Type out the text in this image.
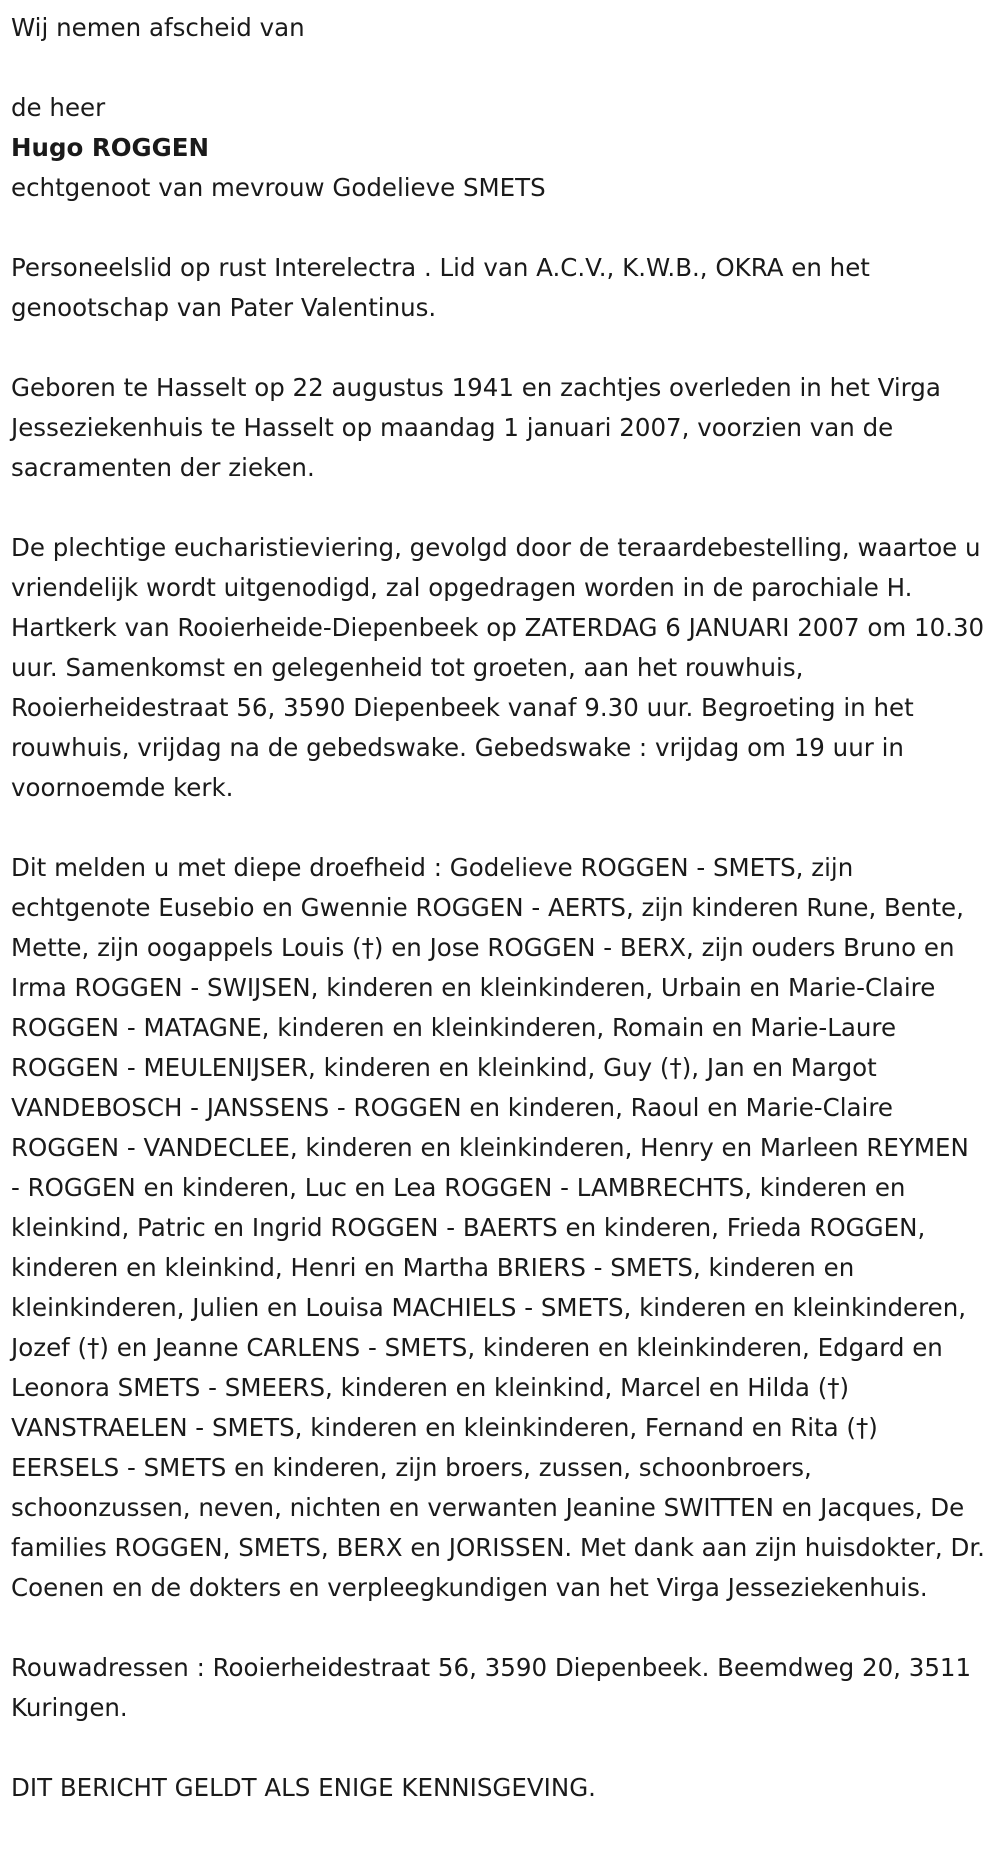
Wij nemen afscheid van

de heer

Hugo ROGGEN

echtgenoot van mevrouw Godelieve SMETS

Personeelslid op rust Interelectra . Lid van A.C.V., K.W.B., OKRA en het genootschap van Pater Valentinus.

Geboren te Hasselt op 22 augustus 1941 en zachtjes overleden in het Virga Jesseziekenhuis te Hasselt op maandag 1 januari 2007, voorzien van de sacramenten der zieken.

De plechtige eucharistieviering, gevolgd door de teraardebestelling, waartoe u vriendelijk wordt uitgenodigd, zal opgedragen worden in de parochiale H. Hartkerk van Rooierheide-Diepenbeek op ZATERDAG 6 JANUARI 2007 om 10.30 uur. Samenkomst en gelegenheid tot groeten, aan het rouwhuis, Rooierheidestraat 56, 3590 Diepenbeek vanaf 9.30 uur. Begroeting in het rouwhuis, vrijdag na de gebedswake. Gebedswake : vrijdag om 19 uur in voornoemde kerk.

Dit melden u met diepe droefheid : Godelieve ROGGEN - SMETS, zijn echtgenote Eusebio en Gwennie ROGGEN - AERTS, zijn kinderen Rune, Bente, Mette, zijn oogappels Louis (†) en Jose ROGGEN - BERX, zijn ouders Bruno en Irma ROGGEN - SWIJSEN, kinderen en kleinkinderen, Urbain en Marie-Claire ROGGEN - MATAGNE, kinderen en kleinkinderen, Romain en Marie-Laure ROGGEN - MEULENIJSER, kinderen en kleinkind, Guy (†), Jan en Margot VANDEBOSCH - JANSSENS - ROGGEN en kinderen, Raoul en Marie-Claire ROGGEN - VANDECLEE, kinderen en kleinkinderen, Henry en Marleen REYMEN - ROGGEN en kinderen, Luc en Lea ROGGEN - LAMBRECHTS, kinderen en kleinkind, Patric en Ingrid ROGGEN - BAERTS en kinderen, Frieda ROGGEN, kinderen en kleinkind, Henri en Martha BRIERS - SMETS, kinderen en kleinkinderen, Julien en Louisa MACHIELS - SMETS, kinderen en kleinkinderen, Jozef (†) en Jeanne CARLENS - SMETS, kinderen en kleinkinderen, Edgard en Leonora SMETS - SMEERS, kinderen en kleinkind, Marcel en Hilda (†) VANSTRAELEN - SMETS, kinderen en kleinkinderen, Fernand en Rita (†) EERSELS - SMETS en kinderen, zijn broers, zussen, schoonbroers, schoonzussen, neven, nichten en verwanten Jeanine SWITTEN en Jacques, De families ROGGEN, SMETS, BERX en JORISSEN. Met dank aan zijn huisdokter, Dr. Coenen en de dokters en verpleegkundigen van het Virga Jesseziekenhuis.

Rouwadressen : Rooierheidestraat 56, 3590 Diepenbeek. Beemdweg 20, 3511 Kuringen.

DIT BERICHT GELDT ALS ENIGE KENNISGEVING.
